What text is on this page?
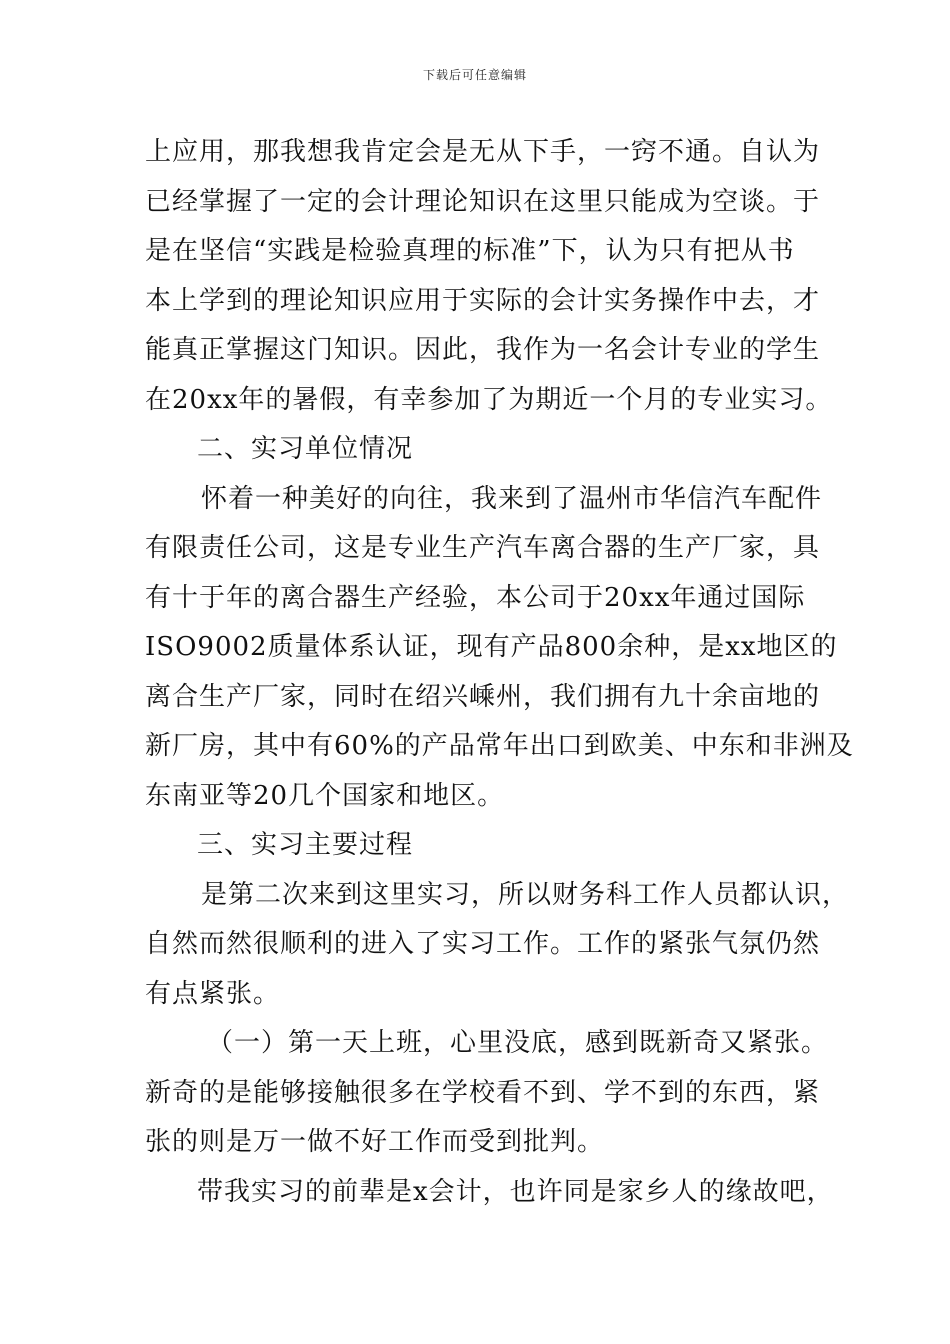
下载后可任意编辑
上应用，那我想我肯定会是无从下手，一窍不通。自认为
已经掌握了一定的会计理论知识在这里只能成为空谈。于
是在坚信“实践是检验真理的标准”下，认为只有把从书
本上学到的理论知识应用于实际的会计实务操作中去，才
能真正掌握这门知识。因此，我作为一名会计专业的学生
在20xx年的暑假，有幸参加了为期近一个月的专业实习。
二、实习单位情况
怀着一种美好的向往，我来到了温州市华信汽车配件
有限责任公司，这是专业生产汽车离合器的生产厂家，具
有十于年的离合器生产经验，本公司于20xx年通过国际
ISO9002质量体系认证，现有产品800余种，是xx地区的
离合生产厂家，同时在绍兴嵊州，我们拥有九十余亩地的
新厂房，其中有60%的产品常年出口到欧美、中东和非洲及
东南亚等20几个国家和地区。
三、实习主要过程
是第二次来到这里实习，所以财务科工作人员都认识，
自然而然很顺利的进入了实习工作。工作的紧张气氛仍然
有点紧张。
（一）第一天上班，心里没底，感到既新奇又紧张。
新奇的是能够接触很多在学校看不到、学不到的东西，紧
张的则是万一做不好工作而受到批判。
带我实习的前辈是x会计，也许同是家乡人的缘故吧，
